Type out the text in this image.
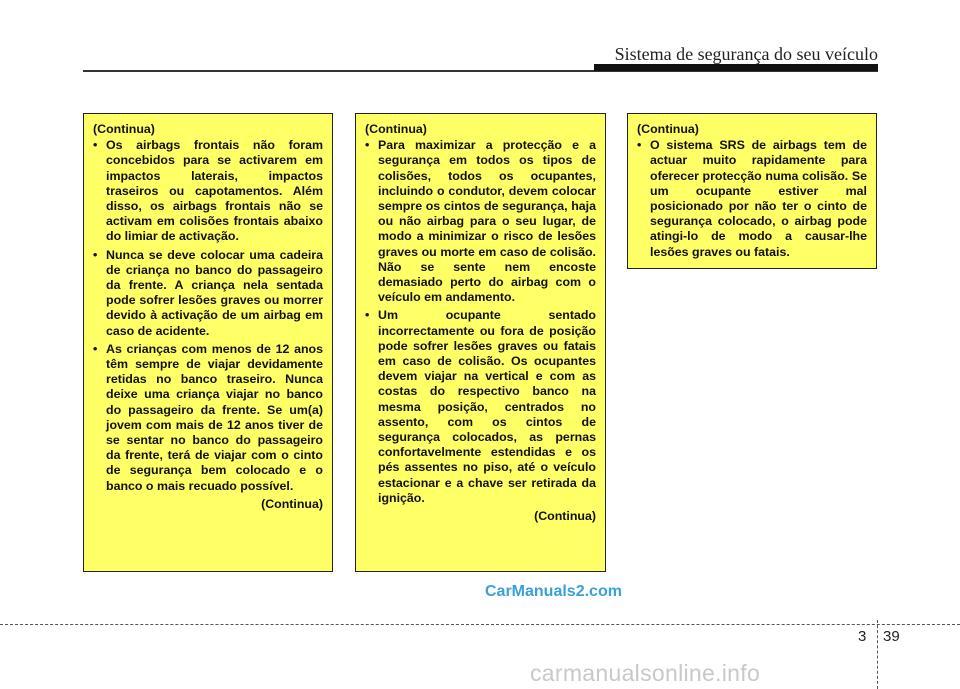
Sistema de segurança do seu veículo
(Continua)
• Os airbags frontais não foram concebidos para se activarem em impactos laterais, impactos traseiros ou capotamentos. Além disso, os airbags frontais não se activam em colisões frontais abaixo do limiar de activação.
• Nunca se deve colocar uma cadeira de criança no banco do passageiro da frente. A criança nela sentada pode sofrer lesões graves ou morrer devido à activação de um airbag em caso de acidente.
• As crianças com menos de 12 anos têm sempre de viajar devidamente retidas no banco traseiro. Nunca deixe uma criança viajar no banco do passageiro da frente. Se um(a) jovem com mais de 12 anos tiver de se sentar no banco do passageiro da frente, terá de viajar com o cinto de segurança bem colocado e o banco o mais recuado possível.
(Continua)
(Continua)
• Para maximizar a protecção e a segurança em todos os tipos de colisões, todos os ocupantes, incluindo o condutor, devem colocar sempre os cintos de segurança, haja ou não airbag para o seu lugar, de modo a minimizar o risco de lesões graves ou morte em caso de colisão. Não se sente nem encoste demasiado perto do airbag com o veículo em andamento.
• Um ocupante sentado incorrectamente ou fora de posição pode sofrer lesões graves ou fatais em caso de colisão. Os ocupantes devem viajar na vertical e com as costas do respectivo banco na mesma posição, centrados no assento, com os cintos de segurança colocados, as pernas confortavelmente estendidas e os pés assentes no piso, até o veículo estacionar e a chave ser retirada da ignição.
(Continua)
(Continua)
• O sistema SRS de airbags tem de actuar muito rapidamente para oferecer protecção numa colisão. Se um ocupante estiver mal posicionado por não ter o cinto de segurança colocado, o airbag pode atingi-lo de modo a causar-lhe lesões graves ou fatais.
CarManuals2.com
3 39
carmanualsonline.info
